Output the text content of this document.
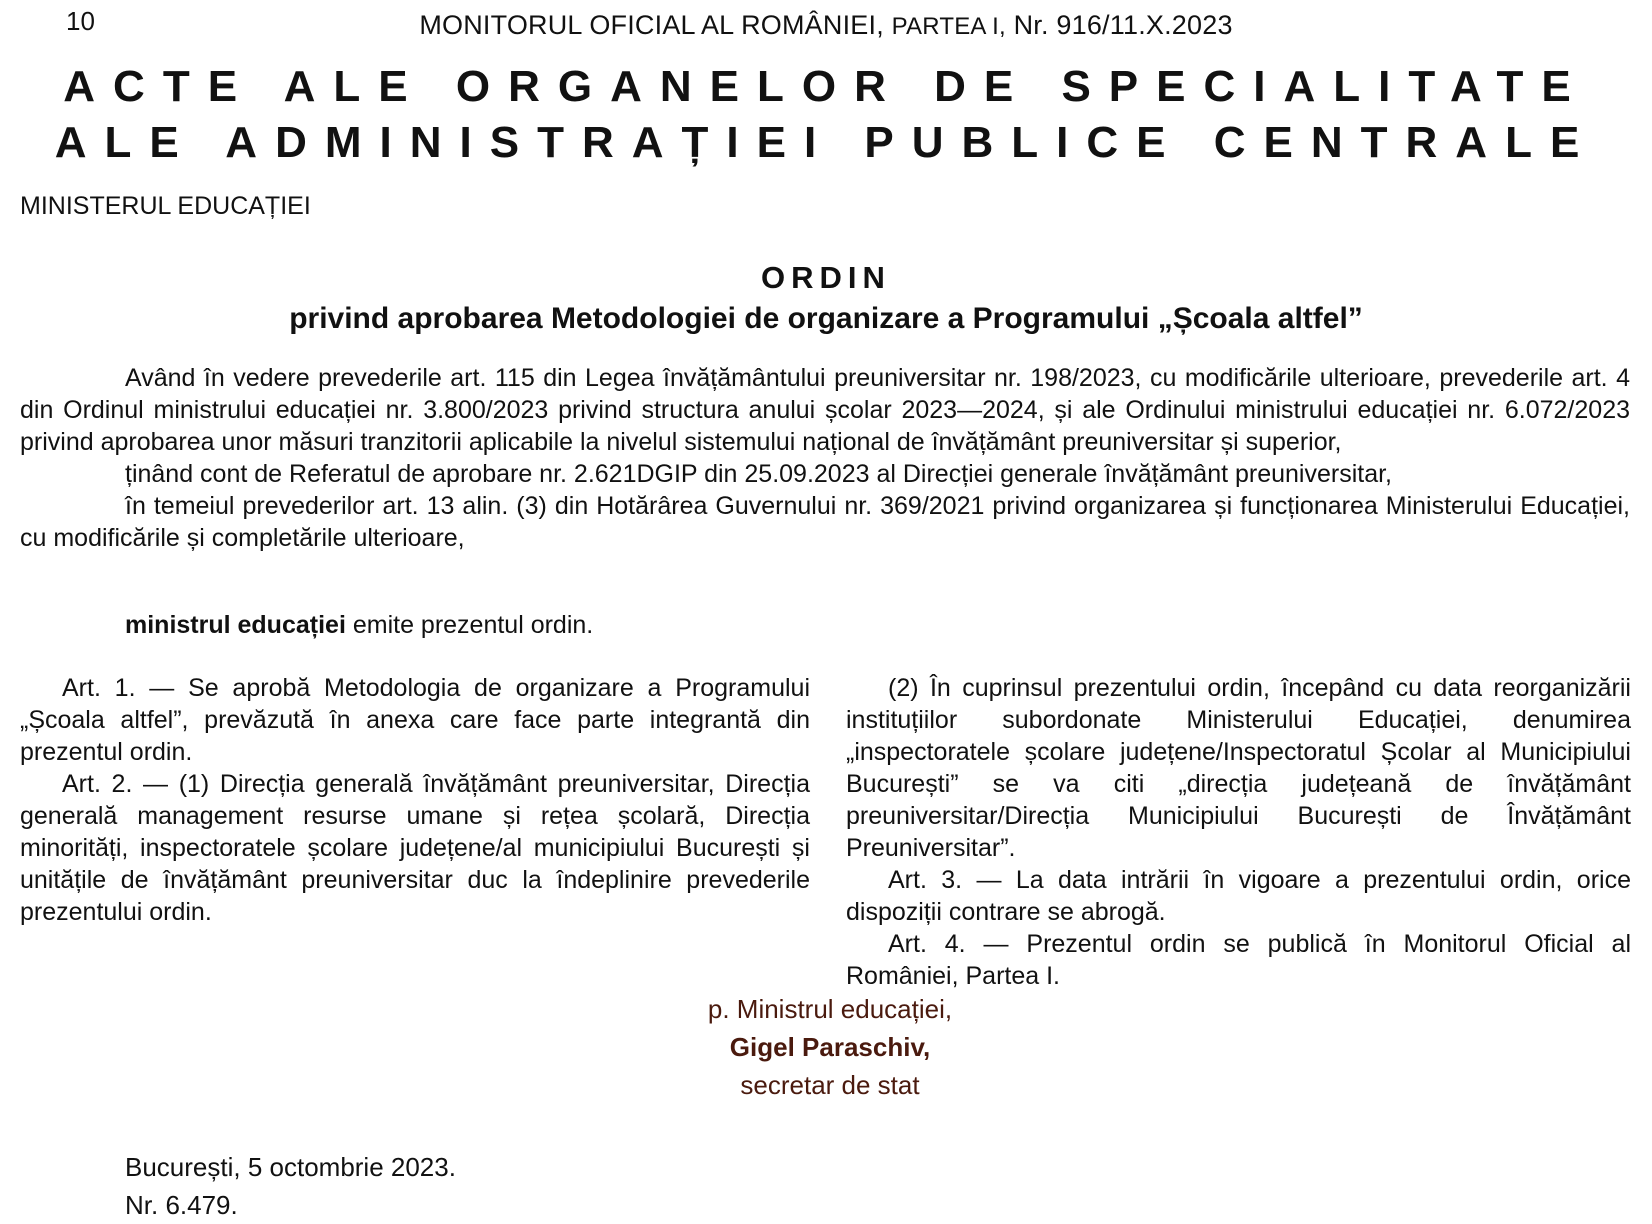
10	MONITORUL OFICIAL AL ROMÂNIEI, PARTEA I, Nr. 916/11.X.2023
ACTE ALE ORGANELOR DE SPECIALITATE
ALE ADMINISTRAȚIEI PUBLICE CENTRALE
MINISTERUL EDUCAȚIEI
ORDIN
privind aprobarea Metodologiei de organizare a Programului „Școala altfel”

Având în vedere prevederile art. 115 din Legea învățământului preuniversitar nr. 198/2023, cu modificările ulterioare, prevederile art. 4 din Ordinul ministrului educației nr. 3.800/2023 privind structura anului școlar 2023—2024, și ale Ordinului ministrului educației nr. 6.072/2023 privind aprobarea unor măsuri tranzitorii aplicabile la nivelul sistemului național de învățământ preuniversitar și superior,

ținând cont de Referatul de aprobare nr. 2.621DGIP din 25.09.2023 al Direcției generale învățământ preuniversitar,

în temeiul prevederilor art. 13 alin. (3) din Hotărârea Guvernului nr. 369/2021 privind organizarea și funcționarea Ministerului Educației, cu modificările și completările ulterioare,

ministrul educației emite prezentul ordin.

Art. 1. — Se aprobă Metodologia de organizare a Programului „Școala altfel”, prevăzută în anexa care face parte integrantă din prezentul ordin.

Art. 2. — (1) Direcția generală învățământ preuniversitar, Direcția generală management resurse umane și rețea școlară, Direcția minorități, inspectoratele școlare județene/al municipiului București și unitățile de învățământ preuniversitar duc la îndeplinire prevederile prezentului ordin.

(2) În cuprinsul prezentului ordin, începând cu data reorganizării instituțiilor subordonate Ministerului Educației, denumirea „inspectoratele școlare județene/Inspectoratul Școlar al Municipiului București” se va citi „direcția județeană de învățământ preuniversitar/Direcția Municipiului București de Învățământ Preuniversitar”.

Art. 3. — La data intrării în vigoare a prezentului ordin, orice dispoziții contrare se abrogă.

Art. 4. — Prezentul ordin se publică în Monitorul Oficial al României, Partea I.

p. Ministrul educației,
Gigel Paraschiv,
secretar de stat
București, 5 octombrie 2023.
Nr. 6.479.
